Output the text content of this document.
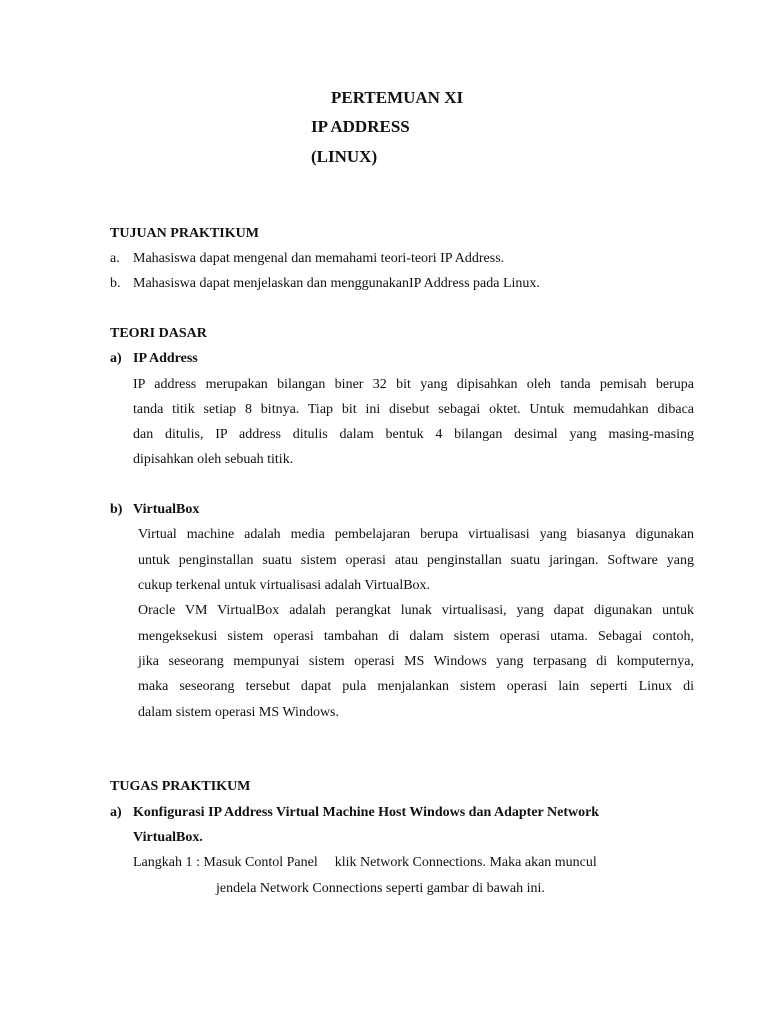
PERTEMUAN XI
IP ADDRESS
(LINUX)
TUJUAN PRAKTIKUM
a. Mahasiswa dapat mengenal dan memahami teori-teori IP Address.
b. Mahasiswa dapat menjelaskan dan menggunakanIP Address pada Linux.
TEORI DASAR
a) IP Address
IP address merupakan bilangan biner 32 bit yang dipisahkan oleh tanda pemisah berupa
tanda titik setiap 8 bitnya. Tiap bit ini disebut sebagai oktet. Untuk memudahkan dibaca
dan ditulis, IP address ditulis dalam bentuk 4 bilangan desimal yang masing-masing
dipisahkan oleh sebuah titik.
b) VirtualBox
Virtual machine adalah media pembelajaran berupa virtualisasi yang biasanya digunakan
untuk penginstallan suatu sistem operasi atau penginstallan suatu jaringan. Software yang
cukup terkenal untuk virtualisasi adalah VirtualBox.
Oracle VM VirtualBox adalah perangkat lunak virtualisasi, yang dapat digunakan untuk
mengeksekusi sistem operasi tambahan di dalam sistem operasi utama. Sebagai contoh,
jika seseorang mempunyai sistem operasi MS Windows yang terpasang di komputernya,
maka seseorang tersebut dapat pula menjalankan sistem operasi lain seperti Linux di
dalam sistem operasi MS Windows.
TUGAS PRAKTIKUM
a) Konfigurasi IP Address Virtual Machine Host Windows dan Adapter Network
VirtualBox.
Langkah 1 : Masuk Contol Panel  klik Network Connections. Maka akan muncul
jendela Network Connections seperti gambar di bawah ini.
